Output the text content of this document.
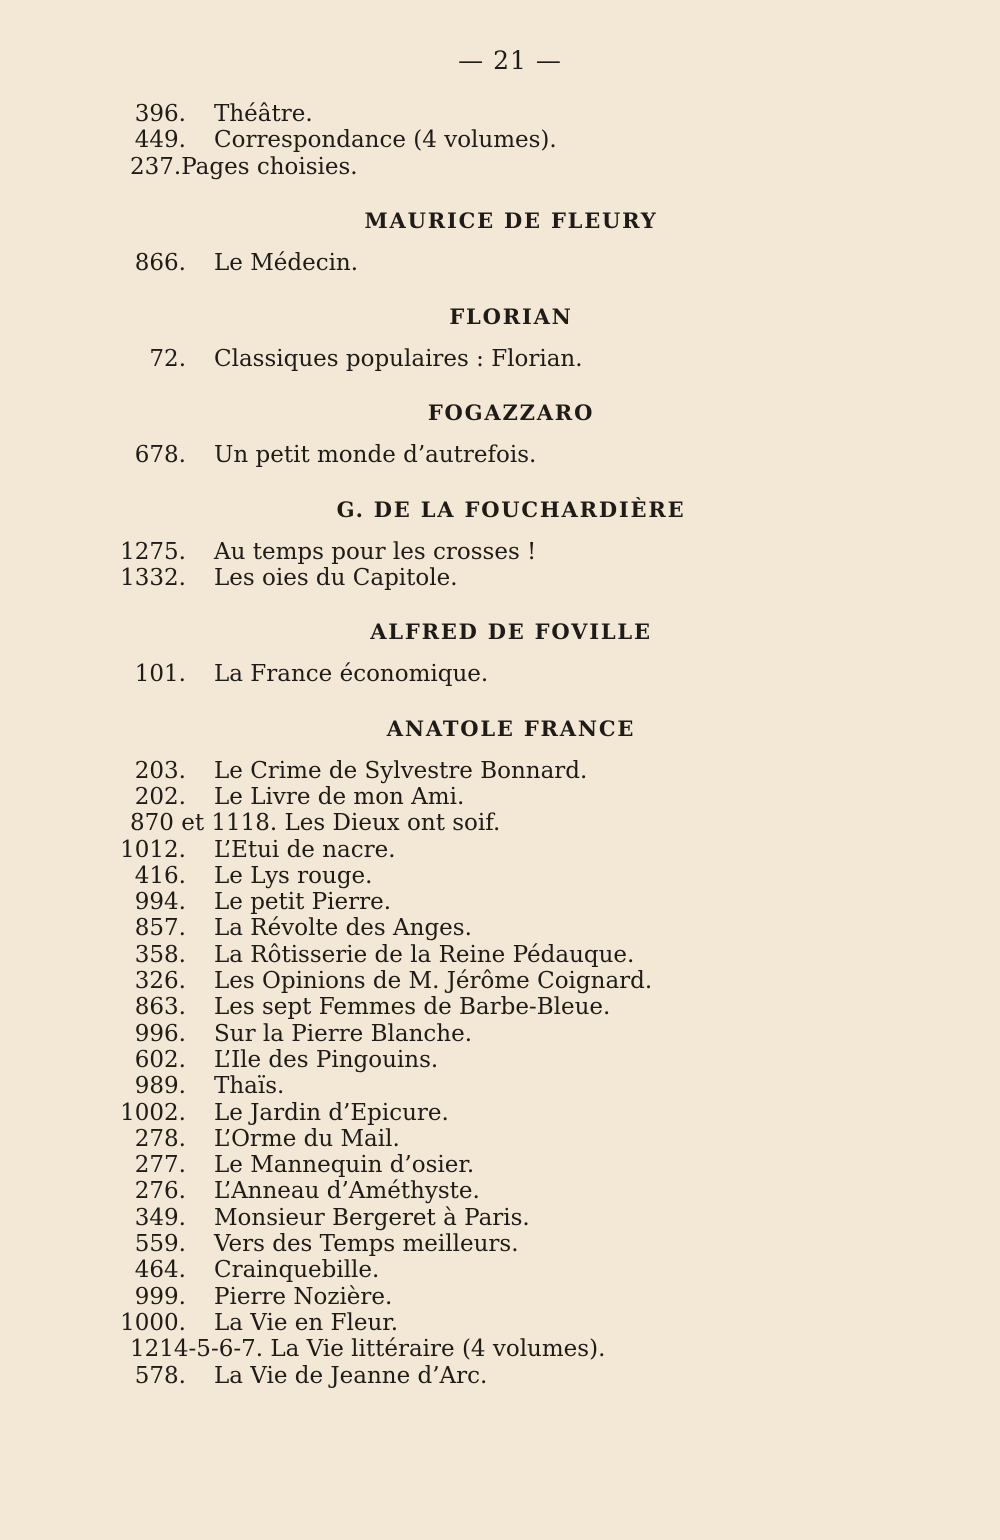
— 21 —
396. Théâtre.
449. Correspondance (4 volumes).
237.Pages choisies.
MAURICE DE FLEURY
866. Le Médecin.
FLORIAN
72. Classiques populaires : Florian.
FOGAZZARO
678. Un petit monde d’autrefois.
G. DE LA FOUCHARDIÈRE
1275. Au temps pour les crosses !
1332. Les oies du Capitole.
ALFRED DE FOVILLE
101. La France économique.
ANATOLE FRANCE
203. Le Crime de Sylvestre Bonnard.
202. Le Livre de mon Ami.
870 et 1118. Les Dieux ont soif.
1012. L’Etui de nacre.
416. Le Lys rouge.
994. Le petit Pierre.
857. La Révolte des Anges.
358. La Rôtisserie de la Reine Pédauque.
326. Les Opinions de M. Jérôme Coignard.
863. Les sept Femmes de Barbe-Bleue.
996. Sur la Pierre Blanche.
602. L’Ile des Pingouins.
989. Thaïs.
1002. Le Jardin d’Epicure.
278. L’Orme du Mail.
277. Le Mannequin d’osier.
276. L’Anneau d’Améthyste.
349. Monsieur Bergeret à Paris.
559. Vers des Temps meilleurs.
464. Crainquebille.
999. Pierre Nozière.
1000. La Vie en Fleur.
1214-5-6-7. La Vie littéraire (4 volumes).
578. La Vie de Jeanne d’Arc.
